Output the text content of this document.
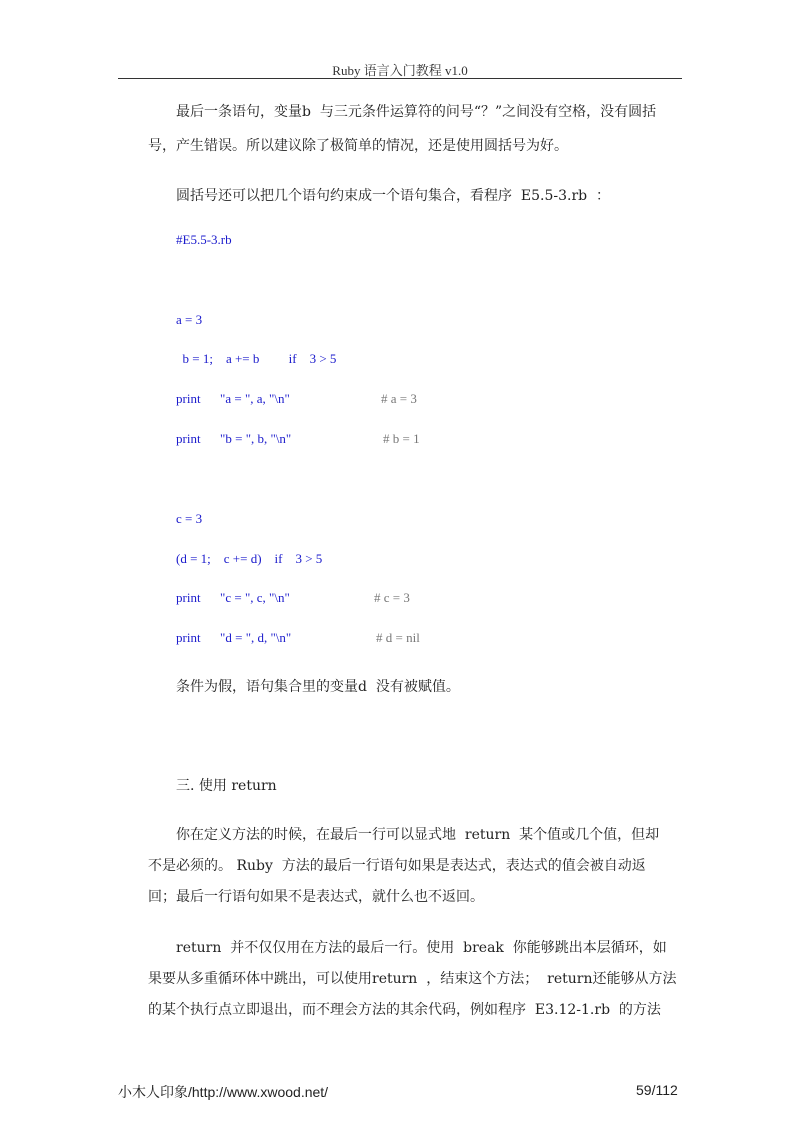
Ruby 语言入门教程 v1.0
最后一条语句，变量b  与三元条件运算符的问号“？”之间没有空格，没有圆括
号，产生错误。所以建议除了极简单的情况，还是使用圆括号为好。
圆括号还可以把几个语句约束成一个语句集合，看程序  E5.5-3.rb  ：
#E5.5-3.rb
a = 3
b = 1;    a += b         if    3 > 5
print      "a = ", a, "\n"	# a = 3
print      "b = ", b, "\n"	# b = 1
c = 3
(d = 1;    c += d)    if    3 > 5
print      "c = ", c, "\n"	# c = 3
print      "d = ", d, "\n"	# d = nil
条件为假，语句集合里的变量d  没有被赋值。
三. 使用 return
你在定义方法的时候，在最后一行可以显式地  return  某个值或几个值，但却
不是必须的。 Ruby  方法的最后一行语句如果是表达式，表达式的值会被自动返
回；最后一行语句如果不是表达式，就什么也不返回。
return  并不仅仅用在方法的最后一行。使用  break  你能够跳出本层循环，如
果要从多重循环体中跳出，可以使用return  ，结束这个方法；  return还能够从方法
的某个执行点立即退出，而不理会方法的其余代码，例如程序  E3.12-1.rb  的方法
小木人印象/http://www.xwood.net/	59/112
